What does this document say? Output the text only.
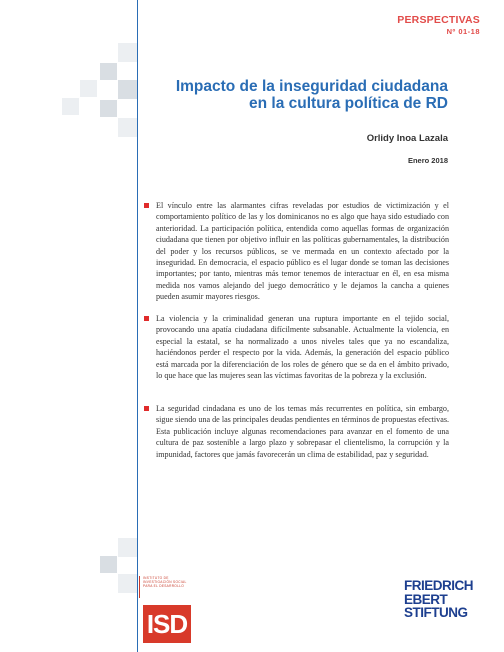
PERSPECTIVAS
Nº 01-18
Impacto de la inseguridad ciudadana
en la cultura política de RD
Orlidy Inoa Lazala
Enero 2018
El vínculo entre las alarmantes cifras reveladas por estudios de victimización y el comportamiento político de las y los dominicanos no es algo que haya sido estudiado con anterioridad. La participación política, entendida como aquellas formas de organización ciudadana que tienen por objetivo influir en las políticas gubernamentales, la distribución del poder y los recursos públicos, se ve mermada en un contexto afectado por la inseguridad. En democracia, el espacio público es el lugar donde se toman las decisiones importantes; por tanto, mientras más temor tenemos de interactuar en él, en esa misma medida nos vamos alejando del juego democrático y le dejamos la cancha a quienes pueden asumir mayores riesgos.
La violencia y la criminalidad generan una ruptura importante en el tejido social, provocando una apatía ciudadana difícilmente subsanable. Actualmente la violencia, en especial la estatal, se ha normalizado a unos niveles tales que ya no escandaliza, haciéndonos perder el respecto por la vida. Además, la generación del espacio público está marcada por la diferenciación de los roles de género que se da en el ámbito privado, lo que hace que las mujeres sean las víctimas favoritas de la pobreza y la exclusión.
La seguridad cindadana es uno de los temas más recurrentes en política, sin embargo, sigue siendo una de las principales deudas pendientes en términos de propuestas efectivas. Esta publicación incluye algunas recomendaciones para avanzar en el fomento de una cultura de paz sostenible a largo plazo y sobrepasar el clientelismo, la corrupción y la impunidad, factores que jamás favorecerán un clima de estabilidad, paz y seguridad.
INSTITUTO DE INVESTIGACIÓN SOCIAL PARA EL DESARROLLO
ISD
FRIEDRICH
EBERT
STIFTUNG
